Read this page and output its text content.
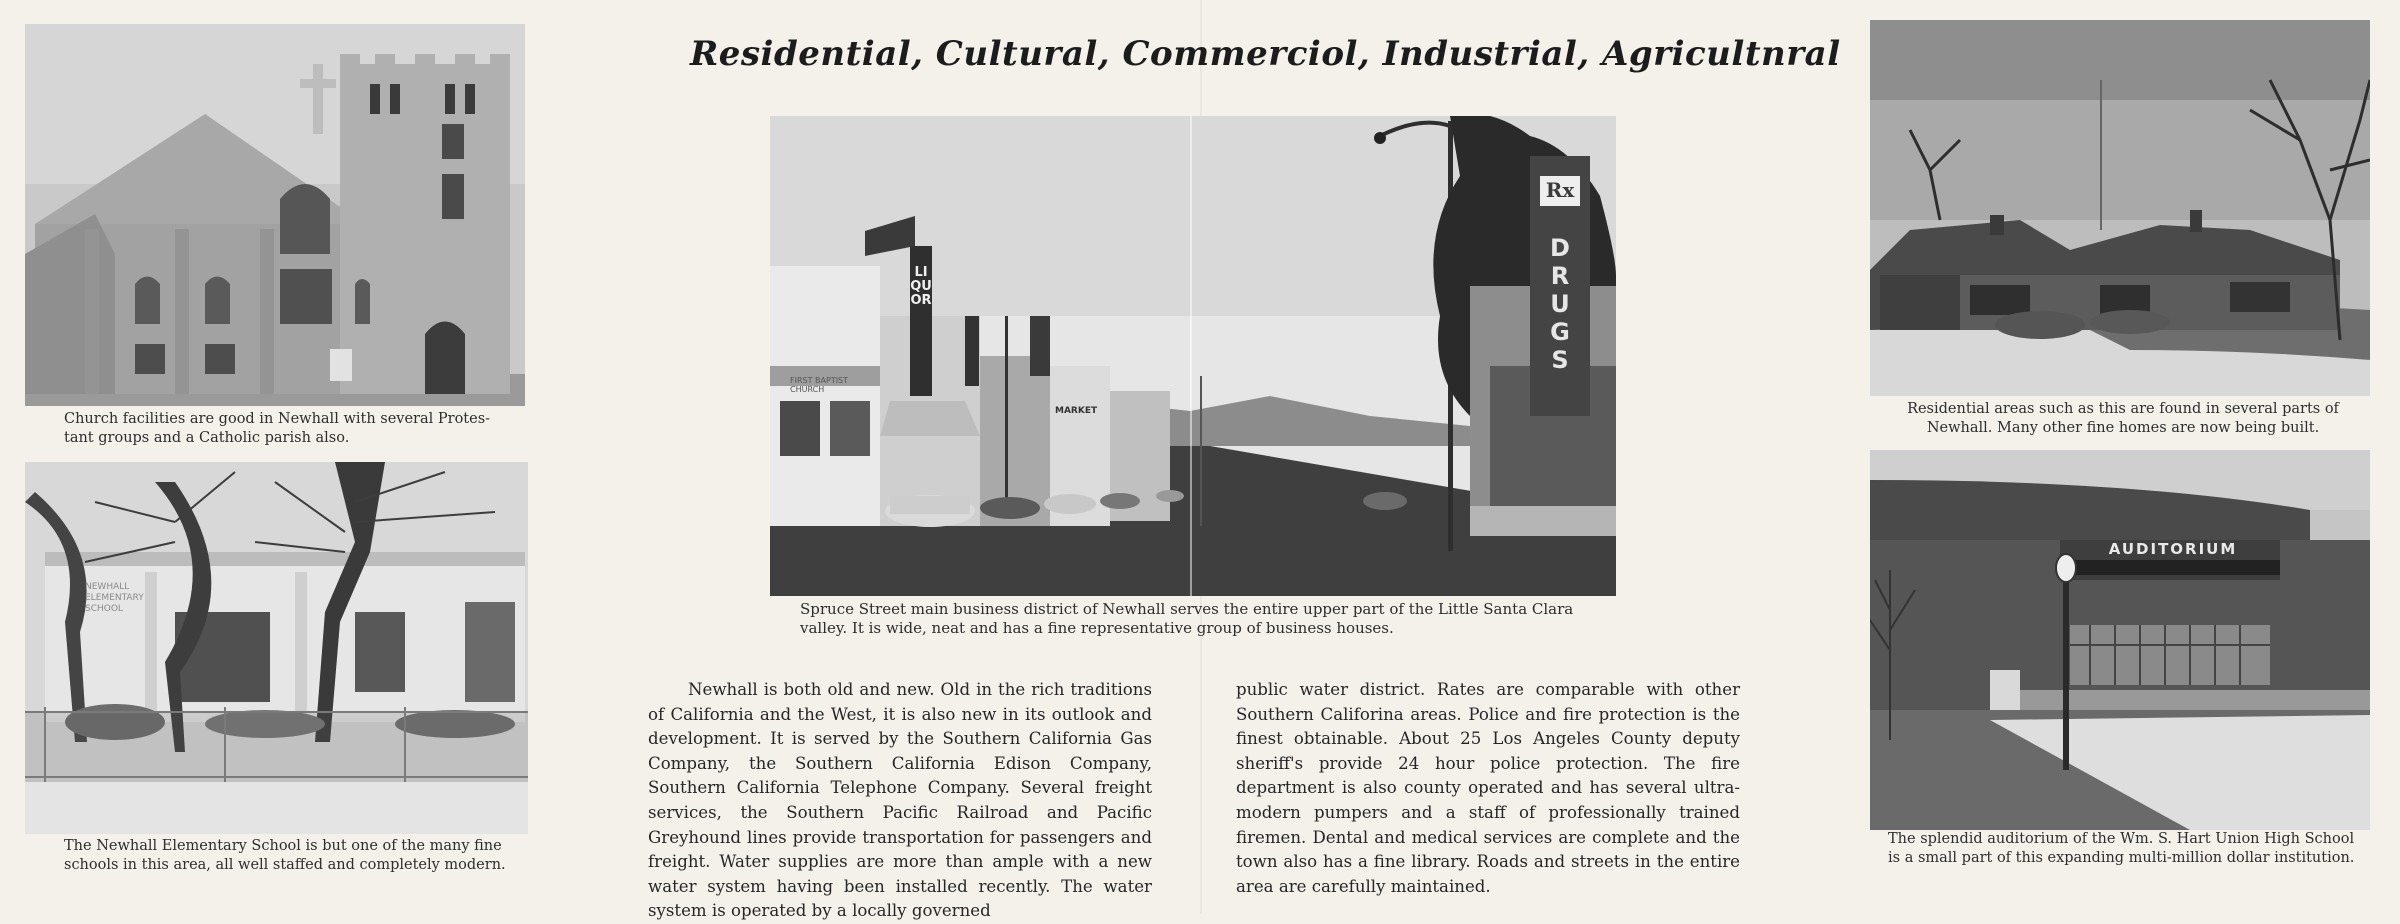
Church facilities are good in Newhall with several Protes-tant groups and a Catholic parish also.
NEWHALL ELEMENTARY SCHOOL
The Newhall Elementary School is but one of the many fine schools in this area, all well staffed and completely modern.
Residential, Cultural, Commerciol, Industrial, Agricultnral
LIQUOR
Rx
DRUGS
FIRST BAPTIST CHURCH
MARKET
Spruce Street main business district of Newhall serves the entire upper part of the Little Santa Clara valley. It is wide, neat and has a fine representative group of business houses.
Newhall is both old and new. Old in the rich traditions of California and the West, it is also new in its outlook and development. It is served by the Southern California Gas Company, the Southern California Edison Company, Southern California Telephone Company. Several freight services, the Southern Pacific Railroad and Pacific Greyhound lines provide transportation for passengers and freight. Water supplies are more than ample with a new water system having been installed recently. The water system is operated by a locally governed
public water district. Rates are comparable with other Southern Califorina areas. Police and fire protection is the finest obtainable. About 25 Los Angeles County deputy sheriff's provide 24 hour police protection. The fire department is also county operated and has several ultra-modern pumpers and a staff of professionally trained firemen. Dental and medical services are complete and the town also has a fine library. Roads and streets in the entire area are carefully maintained.
Residential areas such as this are found in several parts of Newhall. Many other fine homes are now being built.
AUDITORIUM
The splendid auditorium of the Wm. S. Hart Union High School is a small part of this expanding multi-million dollar institution.
